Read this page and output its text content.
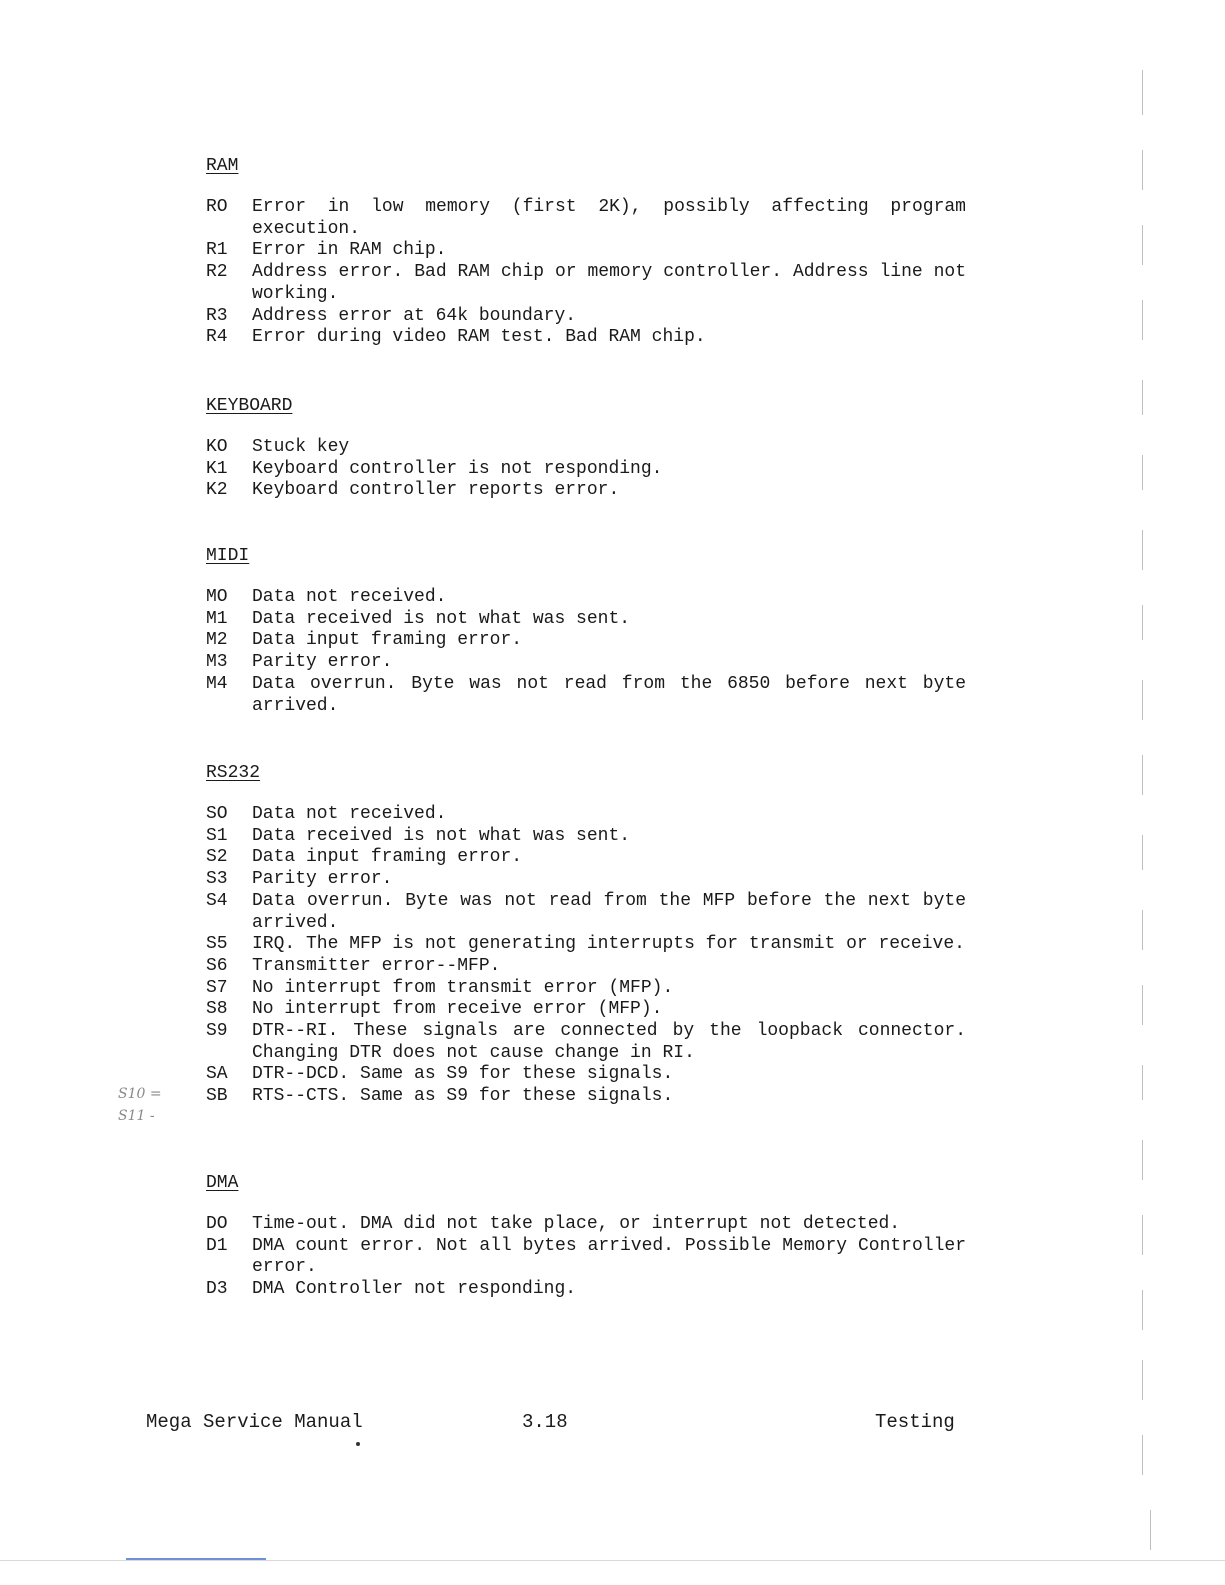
RAM
RO	Error in low memory (first 2K), possibly affecting program execution.
R1	Error in RAM chip.
R2	Address error. Bad RAM chip or memory controller. Address line not working.
R3	Address error at 64k boundary.
R4	Error during video RAM test. Bad RAM chip.
KEYBOARD
KO	Stuck key
K1	Keyboard controller is not responding.
K2	Keyboard controller reports error.
MIDI
MO	Data not received.
M1	Data received is not what was sent.
M2	Data input framing error.
M3	Parity error.
M4	Data overrun. Byte was not read from the 6850 before next byte arrived.
RS232
SO	Data not received.
S1	Data received is not what was sent.
S2	Data input framing error.
S3	Parity error.
S4	Data overrun. Byte was not read from the MFP before the next byte arrived.
S5	IRQ. The MFP is not generating interrupts for transmit or receive.
S6	Transmitter error--MFP.
S7	No interrupt from transmit error (MFP).
S8	No interrupt from receive error (MFP).
S9	DTR--RI. These signals are connected by the loopback connector. Changing DTR does not cause change in RI.
SA	DTR--DCD. Same as S9 for these signals.
SB	RTS--CTS. Same as S9 for these signals.
S10 =
S11 -
DMA
DO	Time-out. DMA did not take place, or interrupt not detected.
D1	DMA count error. Not all bytes arrived. Possible Memory Controller error.
D3	DMA Controller not responding.
Mega Service Manual	3.18	Testing
